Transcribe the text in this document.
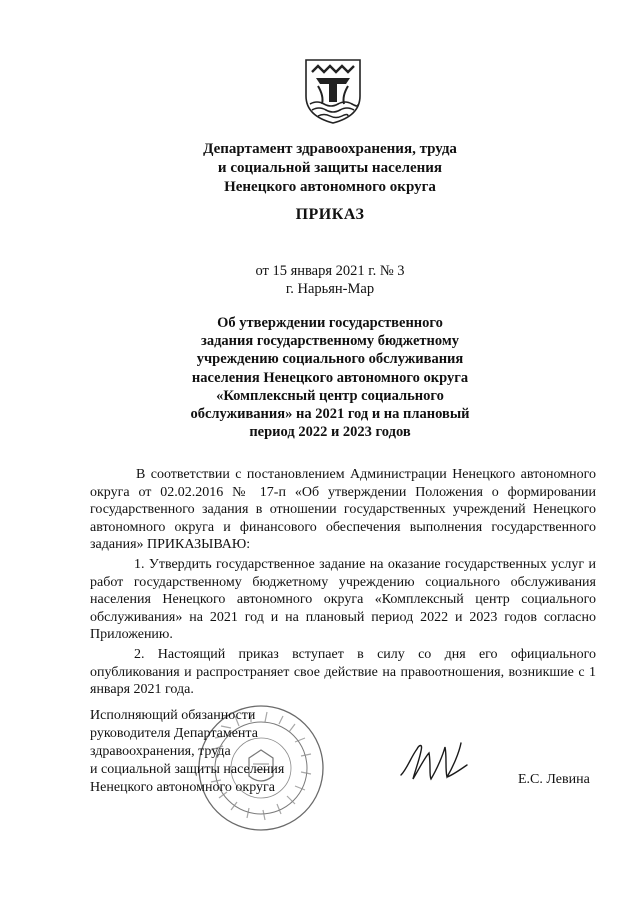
Департамент здравоохранения, труда
и социальной защиты населения
Ненецкого автономного округа
ПРИКАЗ
от 15 января 2021 г. № 3
г. Нарьян-Мар
Об утверждении государственного
задания государственному бюджетному
учреждению социального обслуживания
населения Ненецкого автономного округа
«Комплексный центр социального
обслуживания» на 2021 год и на плановый
период 2022 и 2023 годов

В соответствии с постановлением Администрации Ненецкого автономного округа от 02.02.2016 № 17-п «Об утверждении Положения о формировании государственного задания в отношении государственных учреждений Ненецкого автономного округа и финансового обеспечения выполнения государственного задания» ПРИКАЗЫВАЮ:

1. Утвердить государственное задание на оказание государственных услуг и работ государственному бюджетному учреждению социального обслуживания населения Ненецкого автономного округа «Комплексный центр социального обслуживания» на 2021 год и на плановый период 2022 и 2023 годов согласно Приложению.

2. Настоящий приказ вступает в силу со дня его официального опубликования и распространяет свое действие на правоотношения, возникшие с 1 января 2021 года.

Исполняющий обязанности
руководителя Департамента
здравоохранения, труда
и социальной защиты населения
Ненецкого автономного округа
Е.С. Левина
